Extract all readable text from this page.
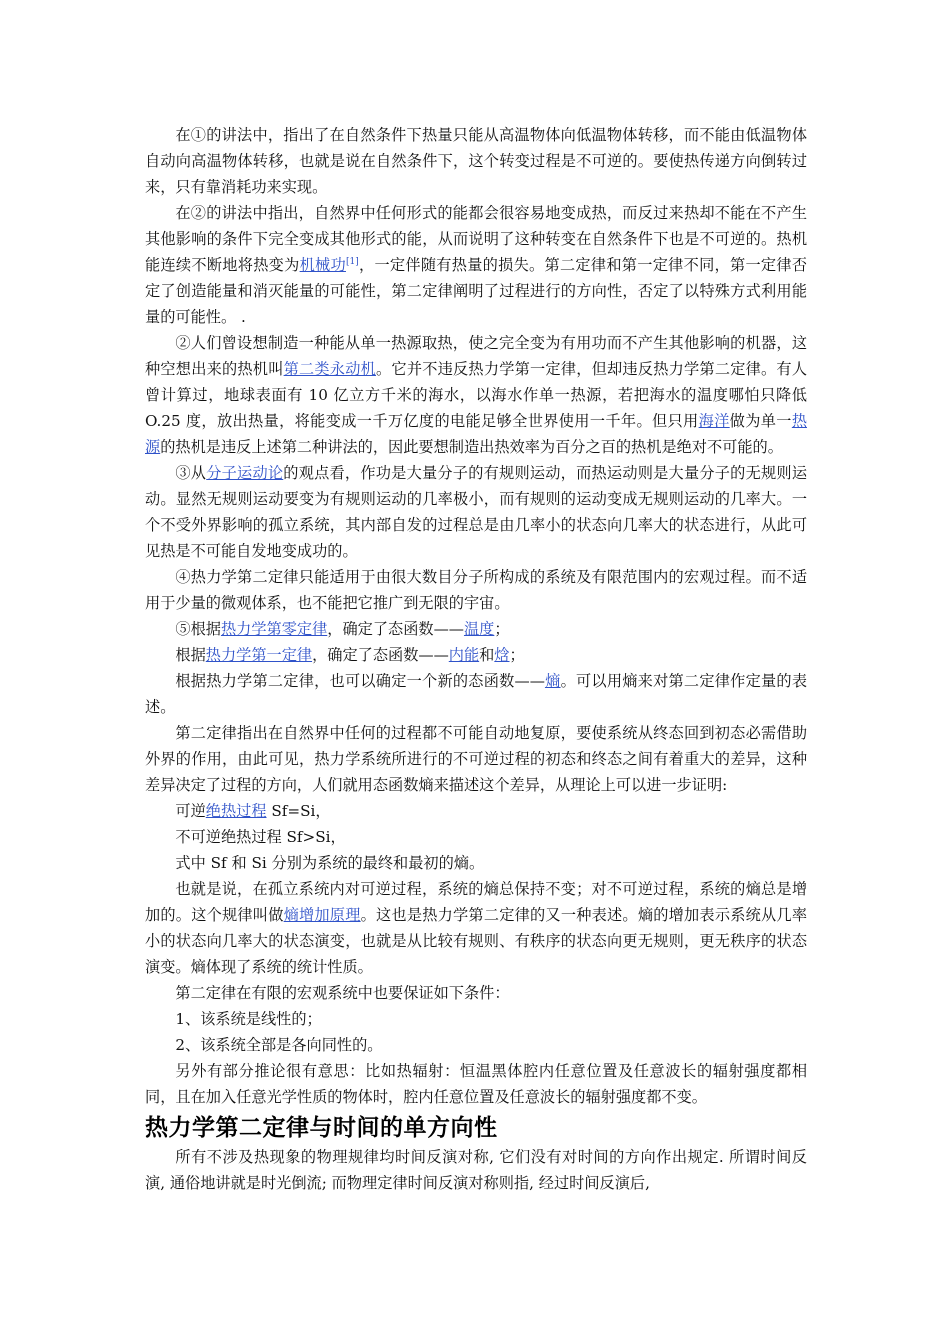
在①的讲法中，指出了在自然条件下热量只能从高温物体向低温物体转移，而不能由低温物体自动向高温物体转移，也就是说在自然条件下，这个转变过程是不可逆的。要使热传递方向倒转过来，只有靠消耗功来实现。

在②的讲法中指出，自然界中任何形式的能都会很容易地变成热，而反过来热却不能在不产生其他影响的条件下完全变成其他形式的能，从而说明了这种转变在自然条件下也是不可逆的。热机能连续不断地将热变为机械功[1]，一定伴随有热量的损失。第二定律和第一定律不同，第一定律否定了创造能量和消灭能量的可能性，第二定律阐明了过程进行的方向性，否定了以特殊方式利用能量的可能性。 .

②人们曾设想制造一种能从单一热源取热，使之完全变为有用功而不产生其他影响的机器，这种空想出来的热机叫第二类永动机。它并不违反热力学第一定律，但却违反热力学第二定律。有人曾计算过，地球表面有 10 亿立方千米的海水，以海水作单一热源，若把海水的温度哪怕只降低 O.25 度，放出热量，将能变成一千万亿度的电能足够全世界使用一千年。但只用海洋做为单一热源的热机是违反上述第二种讲法的，因此要想制造出热效率为百分之百的热机是绝对不可能的。

③从分子运动论的观点看，作功是大量分子的有规则运动，而热运动则是大量分子的无规则运动。显然无规则运动要变为有规则运动的几率极小，而有规则的运动变成无规则运动的几率大。一个不受外界影响的孤立系统，其内部自发的过程总是由几率小的状态向几率大的状态进行，从此可见热是不可能自发地变成功的。

④热力学第二定律只能适用于由很大数目分子所构成的系统及有限范围内的宏观过程。而不适用于少量的微观体系，也不能把它推广到无限的宇宙。

⑤根据热力学第零定律，确定了态函数——温度；

根据热力学第一定律，确定了态函数——内能和焓；

根据热力学第二定律，也可以确定一个新的态函数——熵。可以用熵来对第二定律作定量的表述。

第二定律指出在自然界中任何的过程都不可能自动地复原，要使系统从终态回到初态必需借助外界的作用，由此可见，热力学系统所进行的不可逆过程的初态和终态之间有着重大的差异，这种差异决定了过程的方向，人们就用态函数熵来描述这个差异，从理论上可以进一步证明:

可逆绝热过程 Sf=Si，

不可逆绝热过程 Sf>Si，

式中 Sf 和 Si 分别为系统的最终和最初的熵。

也就是说，在孤立系统内对可逆过程，系统的熵总保持不变；对不可逆过程，系统的熵总是增加的。这个规律叫做熵增加原理。这也是热力学第二定律的又一种表述。熵的增加表示系统从几率小的状态向几率大的状态演变，也就是从比较有规则、有秩序的状态向更无规则，更无秩序的状态演变。熵体现了系统的统计性质。

第二定律在有限的宏观系统中也要保证如下条件：

1、该系统是线性的；

2、该系统全部是各向同性的。

另外有部分推论很有意思：比如热辐射：恒温黑体腔内任意位置及任意波长的辐射强度都相同，且在加入任意光学性质的物体时，腔内任意位置及任意波长的辐射强度都不变。

热力学第二定律与时间的单方向性

所有不涉及热现象的物理规律均时间反演对称, 它们没有对时间的方向作出规定. 所谓时间反演, 通俗地讲就是时光倒流; 而物理定律时间反演对称则指, 经过时间反演后,
